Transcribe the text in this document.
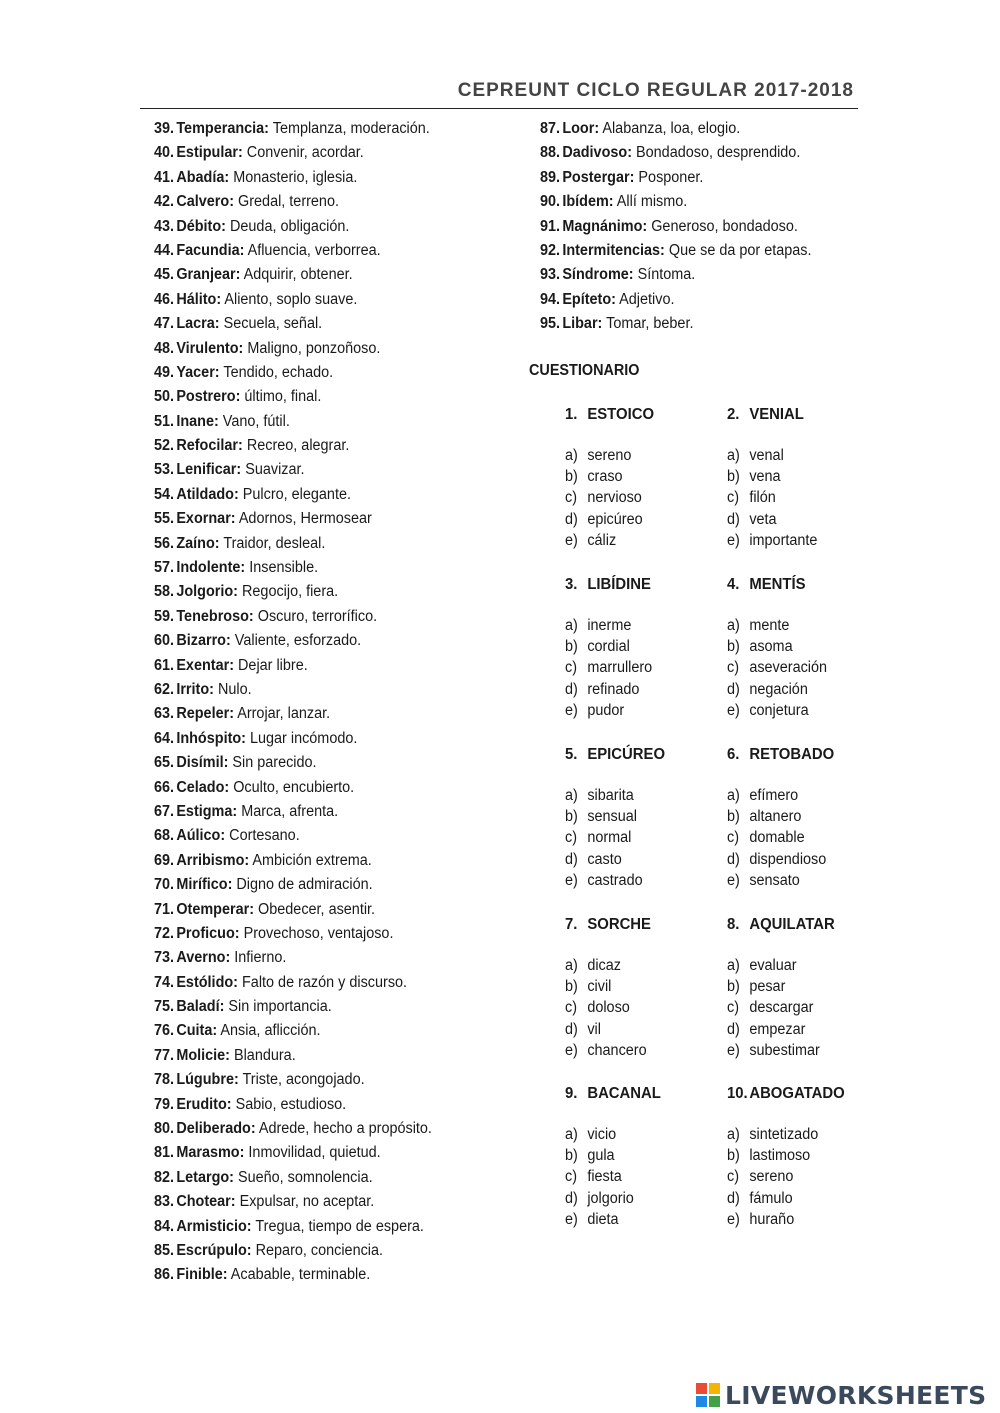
CEPREUNT CICLO REGULAR 2017-2018
39. Temperancia: Templanza, moderación.
40. Estipular: Convenir, acordar.
41. Abadía: Monasterio, iglesia.
42. Calvero: Gredal, terreno.
43. Débito: Deuda, obligación.
44. Facundia: Afluencia, verborrea.
45. Granjear: Adquirir, obtener.
46. Hálito: Aliento, soplo suave.
47. Lacra: Secuela, señal.
48. Virulento: Maligno, ponzoñoso.
49. Yacer: Tendido, echado.
50. Postrero: último, final.
51. Inane: Vano, fútil.
52. Refocilar: Recreo, alegrar.
53. Lenificar: Suavizar.
54. Atildado: Pulcro, elegante.
55. Exornar: Adornos, Hermosear
56. Zaíno: Traidor, desleal.
57. Indolente: Insensible.
58. Jolgorio: Regocijo, fiera.
59. Tenebroso: Oscuro, terrorífico.
60. Bizarro: Valiente, esforzado.
61. Exentar: Dejar libre.
62. Irrito: Nulo.
63. Repeler: Arrojar, lanzar.
64. Inhóspito: Lugar incómodo.
65. Disímil: Sin parecido.
66. Celado: Oculto, encubierto.
67. Estigma: Marca, afrenta.
68. Aúlico: Cortesano.
69. Arribismo: Ambición extrema.
70. Mirífico: Digno de admiración.
71. Otemperar: Obedecer, asentir.
72. Proficuo: Provechoso, ventajoso.
73. Averno: Infierno.
74. Estólido: Falto de razón y discurso.
75. Baladí: Sin importancia.
76. Cuita: Ansia, aflicción.
77. Molicie: Blandura.
78. Lúgubre: Triste, acongojado.
79. Erudito: Sabio, estudioso.
80. Deliberado: Adrede, hecho a propósito.
81. Marasmo: Inmovilidad, quietud.
82. Letargo: Sueño, somnolencia.
83. Chotear: Expulsar, no aceptar.
84. Armisticio: Tregua, tiempo de espera.
85. Escrúpulo: Reparo, conciencia.
86. Finible: Acabable, terminable.
87. Loor: Alabanza, loa, elogio.
88. Dadivoso: Bondadoso, desprendido.
89. Postergar: Posponer.
90. Ibídem: Allí mismo.
91. Magnánimo: Generoso, bondadoso.
92. Intermitencias: Que se da por etapas.
93. Síndrome: Síntoma.
94. Epíteto: Adjetivo.
95. Libar: Tomar, beber.
CUESTIONARIO
1. ESTOICO
a) sereno
b) craso
c) nervioso
d) epicúreo
e) cáliz
2. VENIAL
a) venal
b) vena
c) filón
d) veta
e) importante
3. LIBÍDINE
a) inerme
b) cordial
c) marrullero
d) refinado
e) pudor
4. MENTÍS
a) mente
b) asoma
c) aseveración
d) negación
e) conjetura
5. EPICÚREO
a) sibarita
b) sensual
c) normal
d) casto
e) castrado
6. RETOBADO
a) efímero
b) altanero
c) domable
d) dispendioso
e) sensato
7. SORCHE
a) dicaz
b) civil
c) doloso
d) vil
e) chancero
8. AQUILATAR
a) evaluar
b) pesar
c) descargar
d) empezar
e) subestimar
9. BACANAL
a) vicio
b) gula
c) fiesta
d) jolgorio
e) dieta
10. ABOGATADO
a) sintetizado
b) lastimoso
c) sereno
d) fámulo
e) huraño
LIVEWORKSHEETS
